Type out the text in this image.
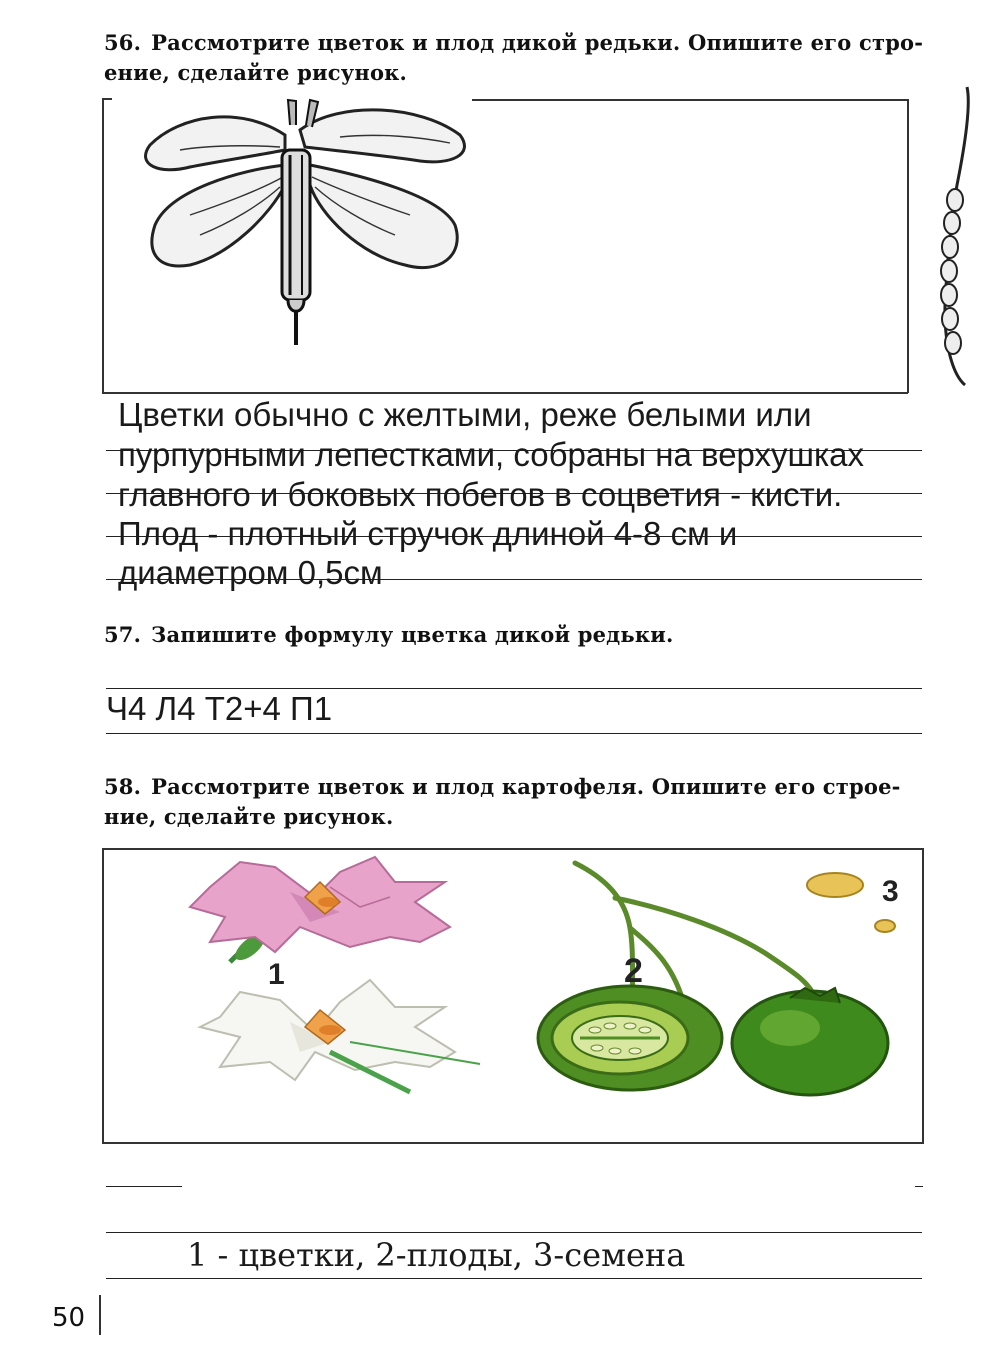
56. Рассмотрите цветок и плод дикой редьки. Опишите его стро-
ение, сделайте рисунок.
Цветки обычно с желтыми, реже белыми или
пурпурными лепестками, собраны на верхушках
главного и боковых побегов в соцветия - кисти.
Плод - плотный стручок длиной 4-8 см и
диаметром 0,5см
57. Запишите формулу цветка дикой редьки.
Ч4 Л4 Т2+4 П1
58. Рассмотрите цветок и плод картофеля. Опишите его строе-
ние, сделайте рисунок.
1	2
3
1 - цветки, 2-плоды, 3-семена
50
